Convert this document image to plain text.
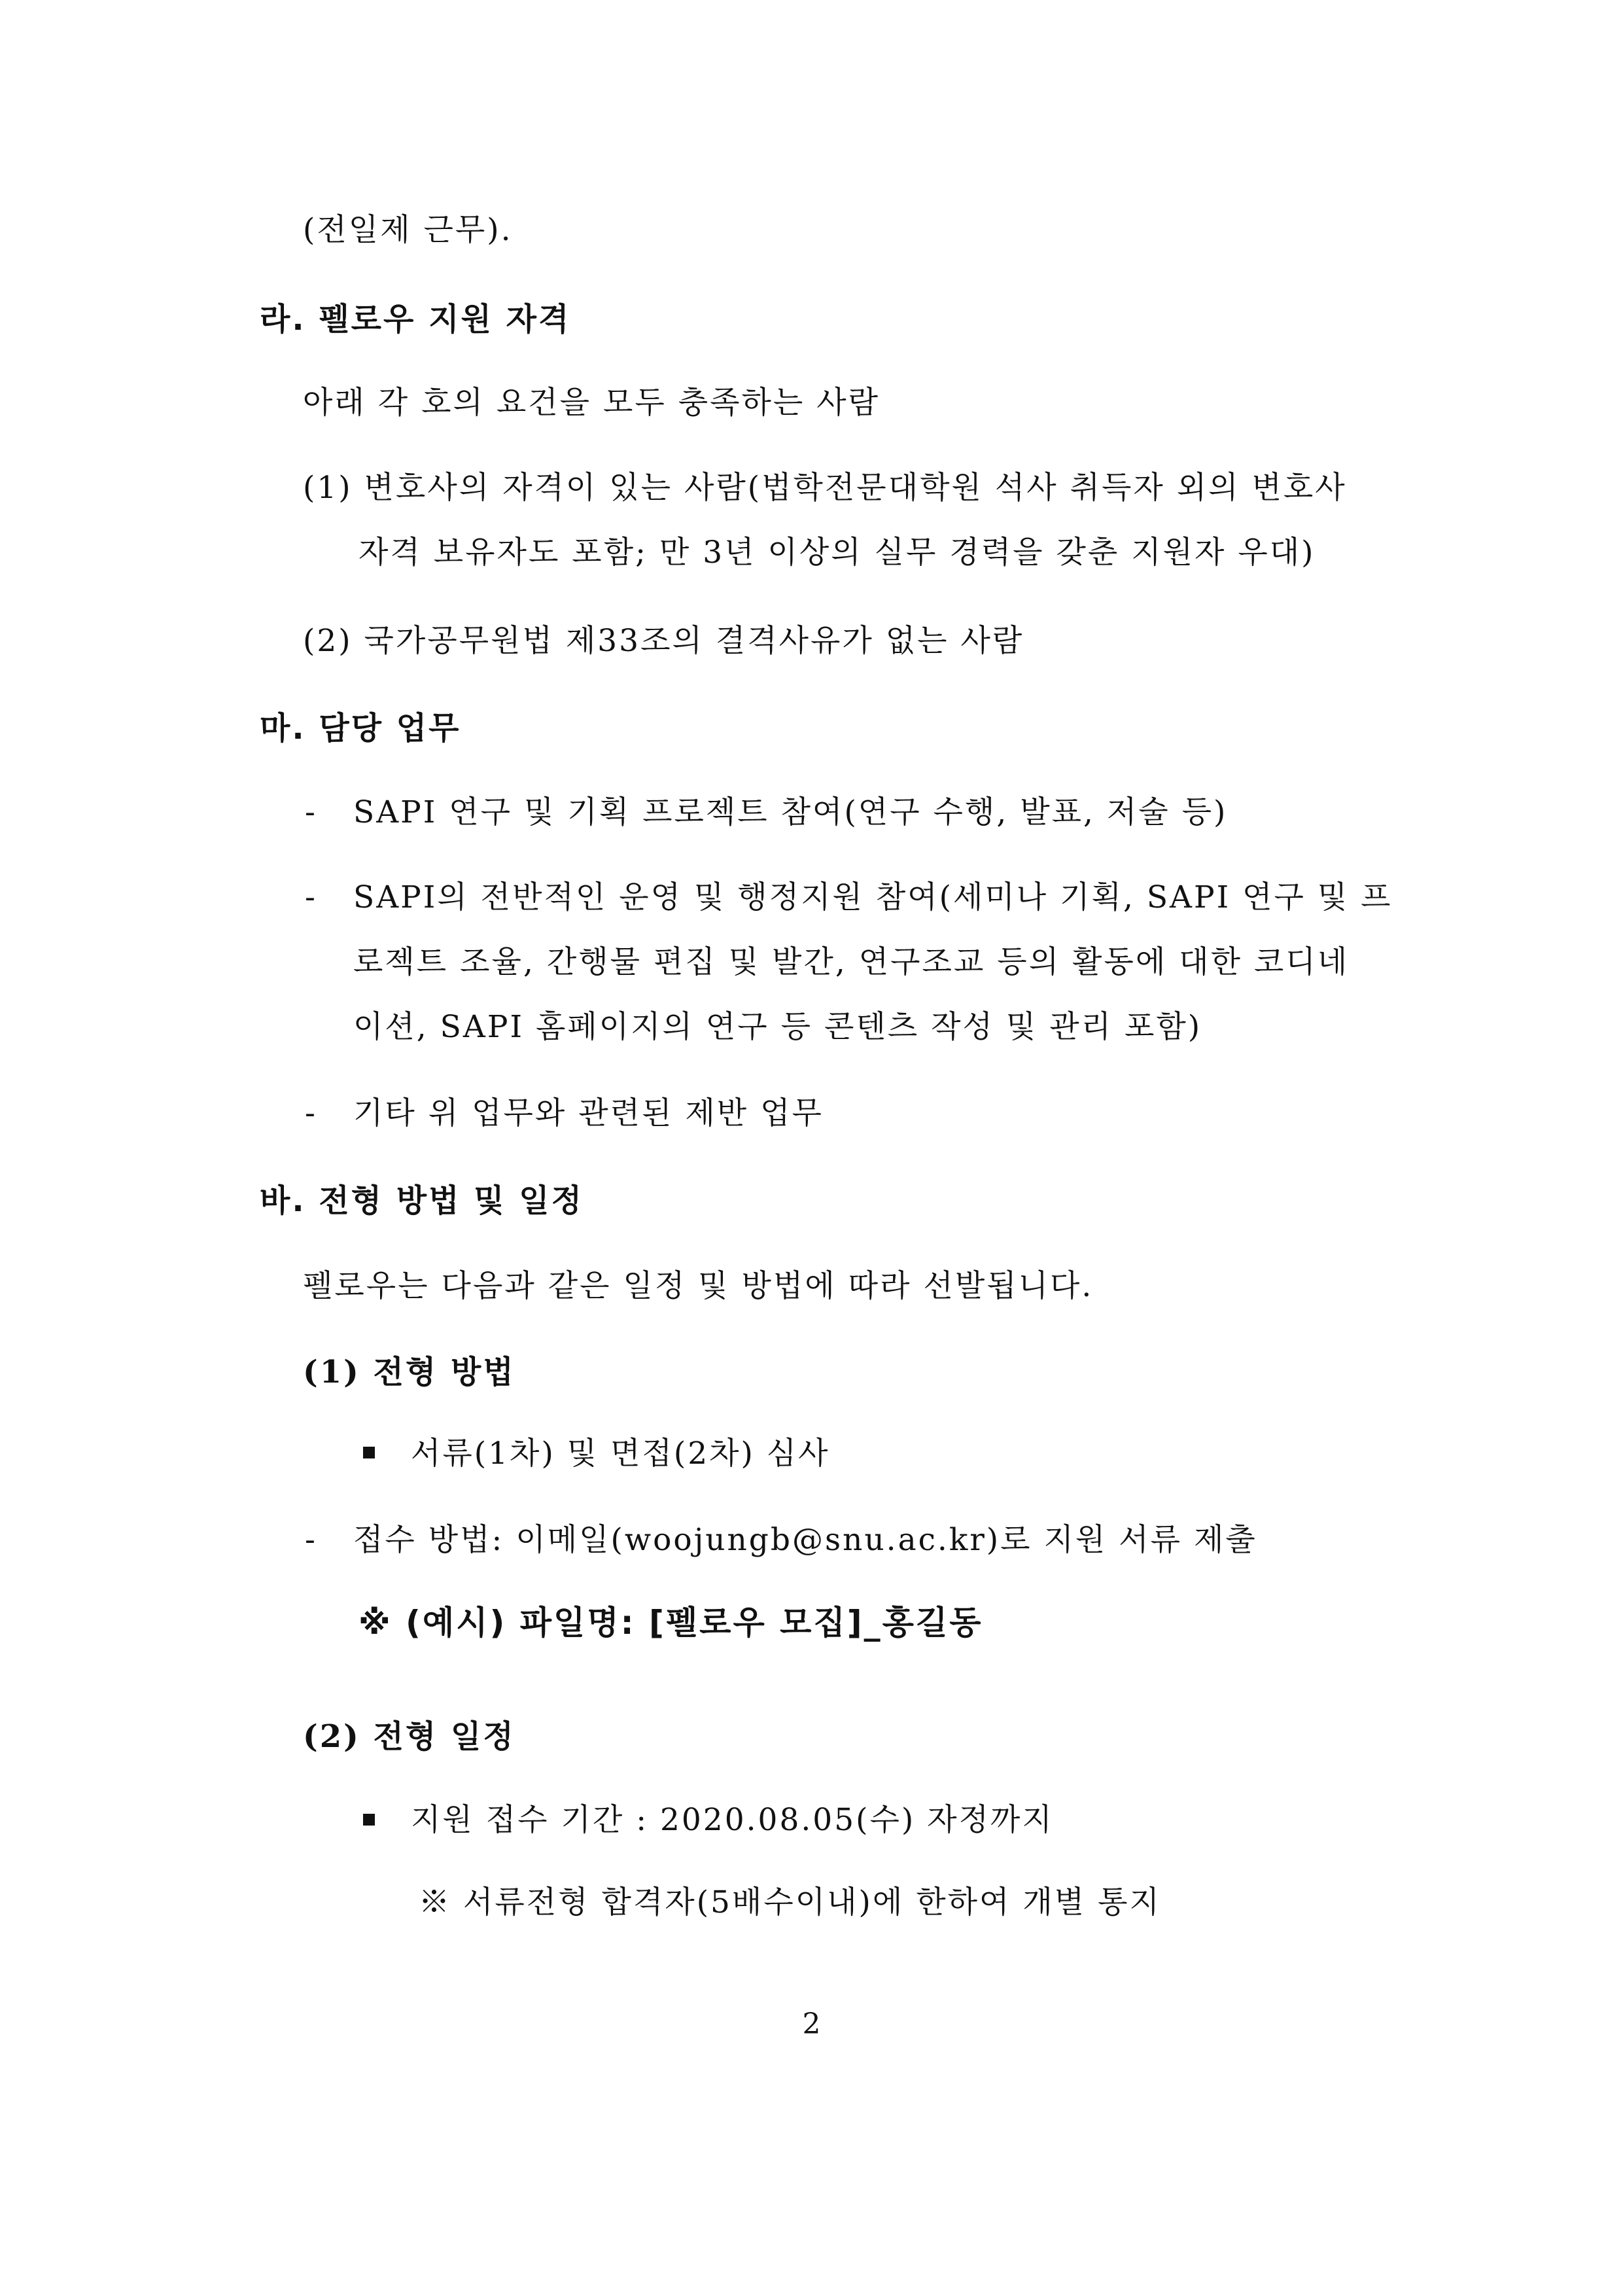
(전일제 근무).
라. 펠로우 지원 자격
아래 각 호의 요건을 모두 충족하는 사람
(1) 변호사의 자격이 있는 사람(법학전문대학원 석사 취득자 외의 변호사
자격 보유자도 포함; 만 3년 이상의 실무 경력을 갖춘 지원자 우대)
(2) 국가공무원법 제33조의 결격사유가 없는 사람
마. 담당 업무
- SAPI 연구 및 기획 프로젝트 참여(연구 수행, 발표, 저술 등)
- SAPI의 전반적인 운영 및 행정지원 참여(세미나 기획, SAPI 연구 및 프
로젝트 조율, 간행물 편집 및 발간, 연구조교 등의 활동에 대한 코디네
이션, SAPI 홈페이지의 연구 등 콘텐츠 작성 및 관리 포함)
- 기타 위 업무와 관련된 제반 업무
바. 전형 방법 및 일정
펠로우는 다음과 같은 일정 및 방법에 따라 선발됩니다.
(1) 전형 방법
서류(1차) 및 면접(2차) 심사
- 접수 방법: 이메일(woojungb@snu.ac.kr)로 지원 서류 제출
※ (예시) 파일명: [펠로우 모집]_홍길동
(2) 전형 일정
지원 접수 기간 : 2020.08.05(수) 자정까지
※ 서류전형 합격자(5배수이내)에 한하여 개별 통지
2
